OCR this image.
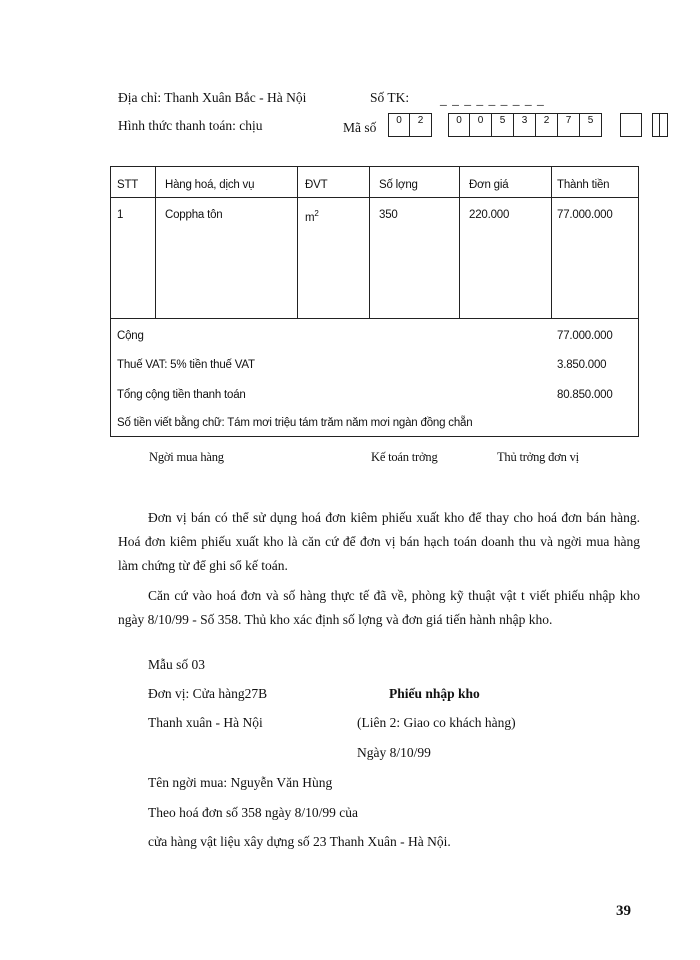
Địa chỉ: Thanh Xuân Bắc - Hà Nội	Số TK: _ _ _ _ _ _ _ _ _
Hình thức thanh toán: chịu	Mã số	0	2	0	0	5	3	2	7	5
STT Hàng hoá, dịch vụ	ĐVT	Số lợng	Đơn giá	Thành tiền
1	Coppha tôn	$m^2$	350	220.000	77.000.000
Cộng	77.000.000
Thuế VAT: 5% tiền thuế VAT	3.850.000
Tổng cộng tiền thanh toán	80.850.000
Số tiền viết bằng chữ: Tám mơi triệu tám trăm năm mơi ngàn đồng chẵn
Ngời mua hàng	Kế toán trởng	Thủ trởng đơn vị

Đơn vị bán có thể sử dụng hoá đơn kiêm phiếu xuất kho để thay cho hoá đơn bán hàng. Hoá đơn kiêm phiếu xuất kho là căn cứ để đơn vị bán hạch toán doanh thu và ngời mua hàng làm chứng từ để ghi sổ kế toán.

Căn cứ vào hoá đơn và số hàng thực tế đã về, phòng kỹ thuật vật t viết phiếu nhập kho ngày 8/10/99 - Số 358. Thủ kho xác định số lợng và đơn giá tiến hành nhập kho.

Mẫu số 03
Đơn vị: Cửa hàng27B	Phiếu nhập kho
Thanh xuân - Hà Nội	(Liên 2: Giao co khách hàng)
Ngày 8/10/99
Tên ngời mua: Nguyễn Văn Hùng
Theo hoá đơn số 358 ngày 8/10/99 của
cửa hàng vật liệu xây dựng số 23 Thanh Xuân - Hà Nội.
39
